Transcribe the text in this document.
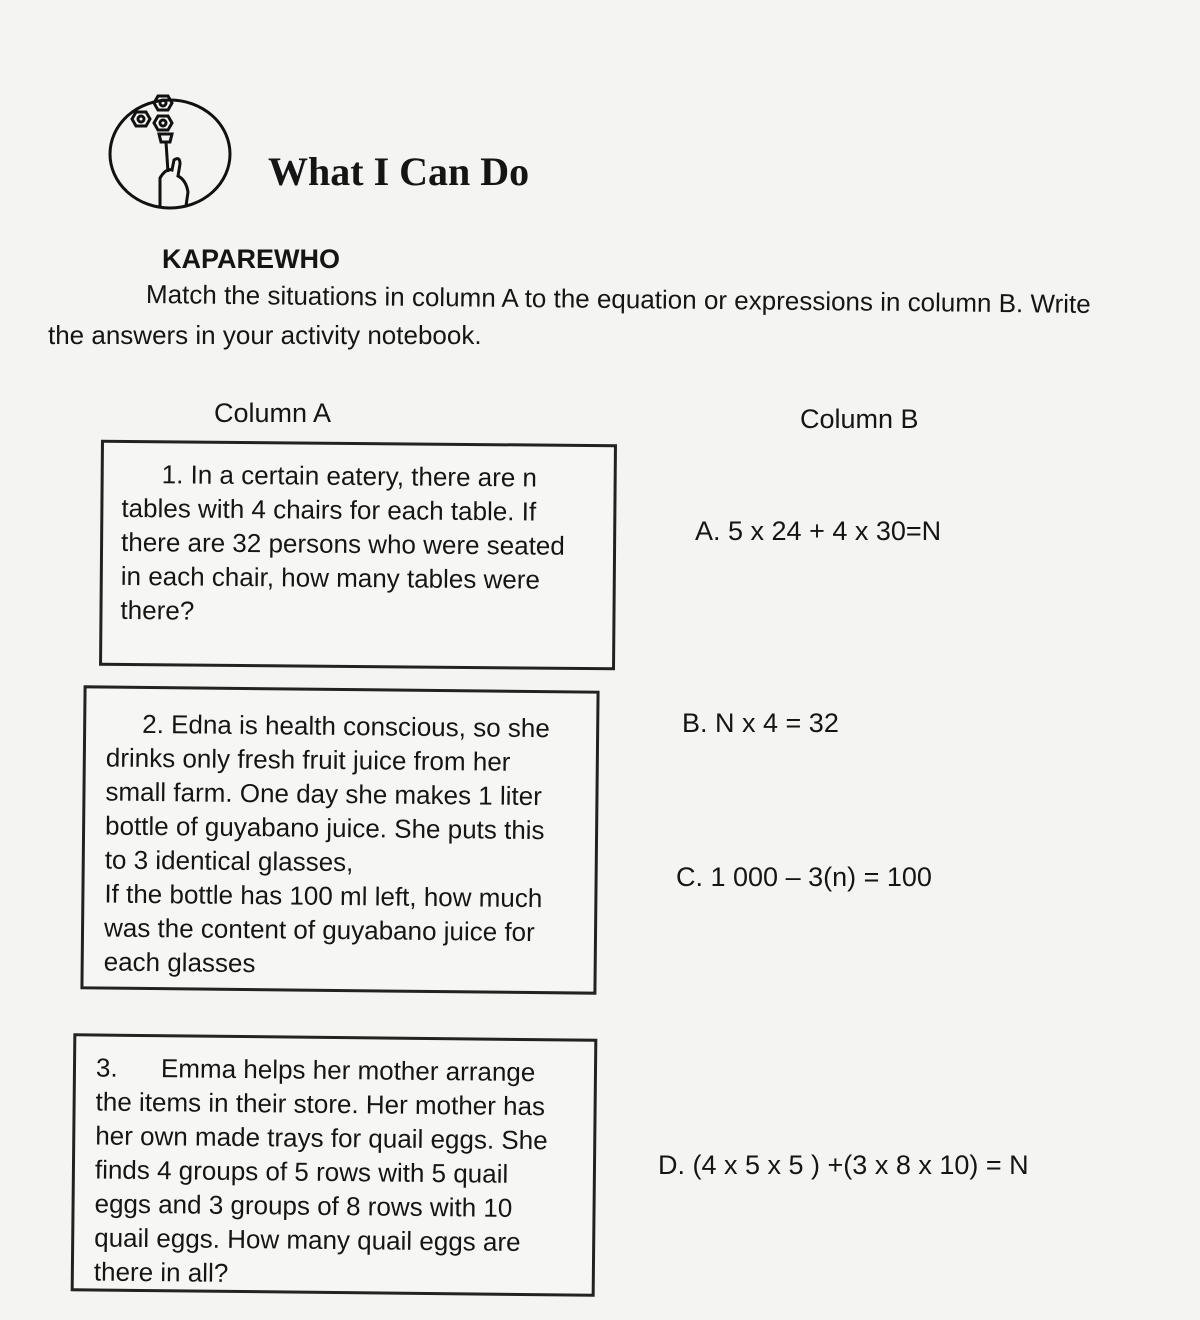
What I Can Do
KAPAREWHO
Match the situations in column A to the equation or expressions in column B. Write
the answers in your activity notebook.
Column A	Column B
1. In a certain eatery, there are n
tables with 4 chairs for each table. If
there are 32 persons who were seated
in each chair, how many tables were
there?
2. Edna is health conscious, so she
drinks only fresh fruit juice from her
small farm. One day she makes 1 liter
bottle of guyabano juice. She puts this
to 3 identical glasses,
If the bottle has 100 ml left, how much
was the content of guyabano juice for
each glasses
3.      Emma helps her mother arrange
the items in their store. Her mother has
her own made trays for quail eggs. She
finds 4 groups of 5 rows with 5 quail
eggs and 3 groups of 8 rows with 10
quail eggs. How many quail eggs are
there in all?
A. 5 x 24 + 4 x 30=N
B. N x 4 = 32
C. 1 000 – 3(n) = 100
D. (4 x 5 x 5 ) +(3 x 8 x 10) = N
